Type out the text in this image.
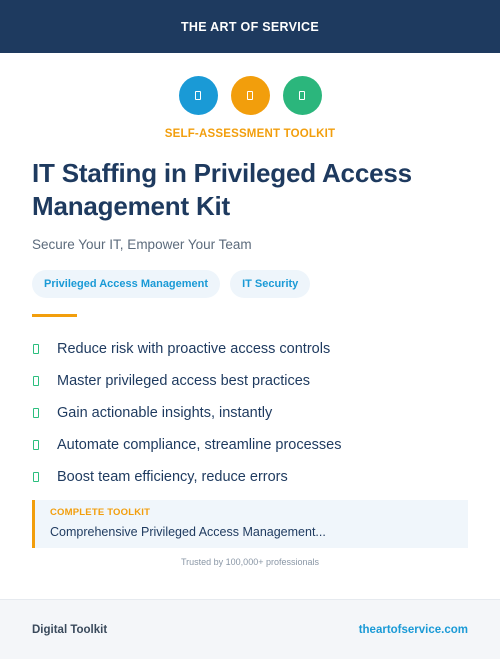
THE ART OF SERVICE
SELF-ASSESSMENT TOOLKIT
IT Staffing in Privileged Access Management Kit

Secure Your IT, Empower Your Team

Privileged Access Management	IT Security
Reduce risk with proactive access controls
Master privileged access best practices
Gain actionable insights, instantly
Automate compliance, streamline processes
Boost team efficiency, reduce errors
COMPLETE TOOLKIT
Comprehensive Privileged Access Management...
Trusted by 100,000+ professionals
Digital Toolkit	theartofservice.com
